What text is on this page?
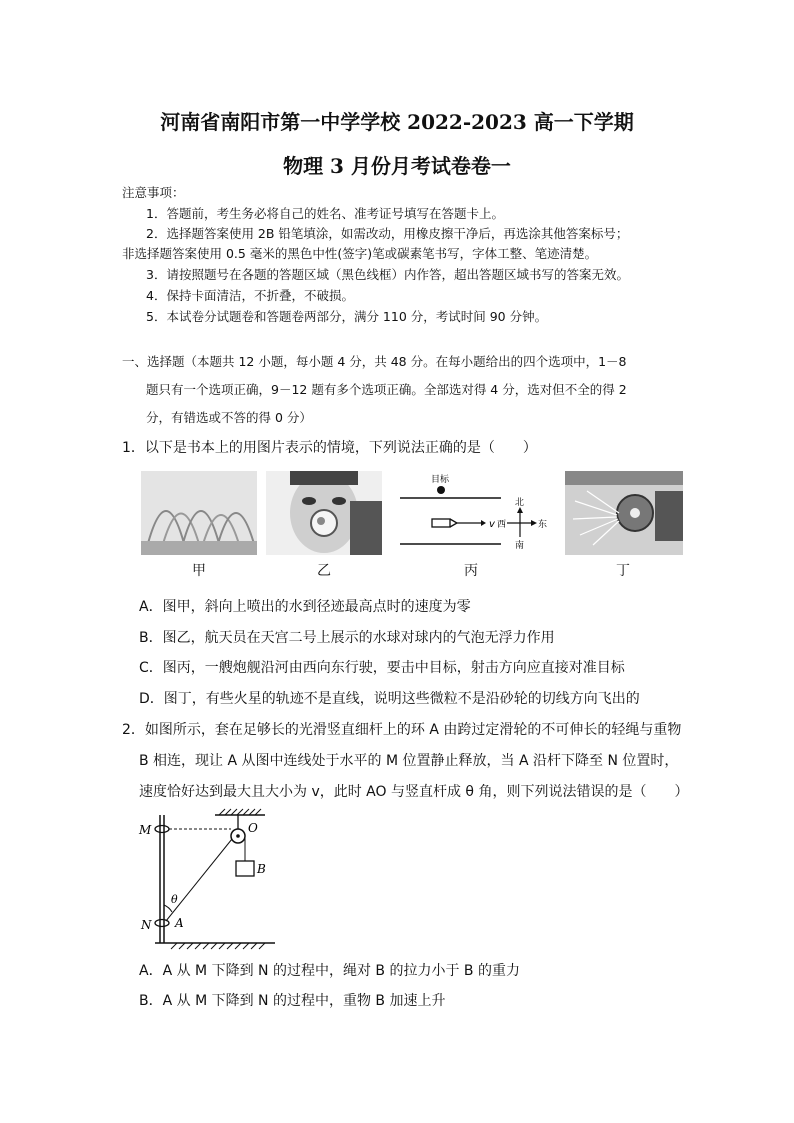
河南省南阳市第一中学学校 2022-2023 高一下学期
物理 3 月份月考试卷卷一
注意事项：
1．答题前，考生务必将自己的姓名、准考证号填写在答题卡上。
2．选择题答案使用 2B 铅笔填涂，如需改动，用橡皮擦干净后，再选涂其他答案标号；
非选择题答案使用 0.5 毫米的黑色中性(签字)笔或碳素笔书写，字体工整、笔迹清楚。
3．请按照题号在各题的答题区域（黑色线框）内作答，超出答题区域书写的答案无效。
4．保持卡面清洁，不折叠，不破损。
5．本试卷分试题卷和答题卷两部分，满分 110 分，考试时间 90 分钟。
一、选择题（本题共 12 小题，每小题 4 分，共 48 分。在每小题给出的四个选项中，1－8
题只有一个选项正确，9－12 题有多个选项正确。全部选对得 4 分，选对但不全的得 2
分，有错选或不答的得 0 分）
1．以下是书本上的用图片表示的情境，下列说法正确的是（　　）
目标
v
北
南
东
西
甲	乙	丙	丁
A．图甲，斜向上喷出的水到径迹最高点时的速度为零
B．图乙，航天员在天宫二号上展示的水球对球内的气泡无浮力作用
C．图丙，一艘炮舰沿河由西向东行驶，要击中目标，射击方向应直接对准目标
D．图丁，有些火星的轨迹不是直线，说明这些微粒不是沿砂轮的切线方向飞出的
2．如图所示，套在足够长的光滑竖直细杆上的环 A 由跨过定滑轮的不可伸长的轻绳与重物
B 相连，现让 A 从图中连线处于水平的 M 位置静止释放，当 A 沿杆下降至 N 位置时，
速度恰好达到最大且大小为 v，此时 AO 与竖直杆成 θ 角，则下列说法错误的是（　　）
M	O
B
θ
N A
A．A 从 M 下降到 N 的过程中，绳对 B 的拉力小于 B 的重力
B．A 从 M 下降到 N 的过程中，重物 B 加速上升
